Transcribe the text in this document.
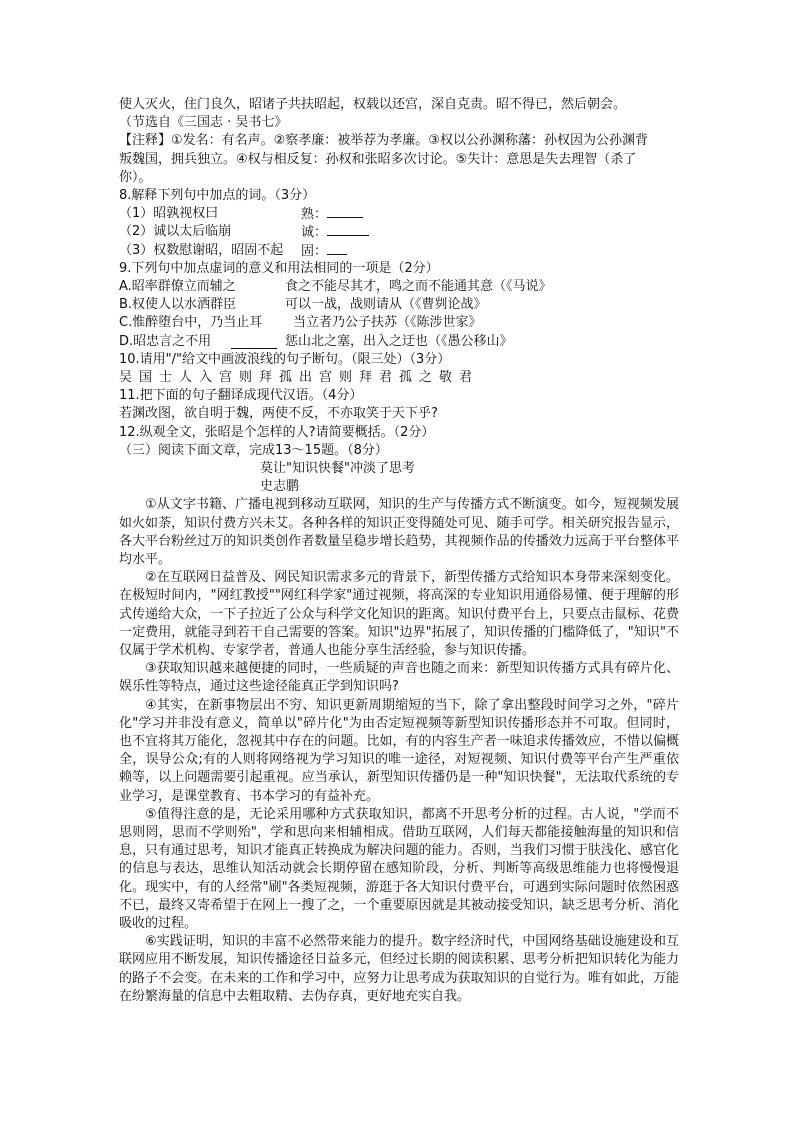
使人灭火，住门良久，昭诸子共扶昭起，权载以还宫，深自克责。昭不得已，然后朝会。
（节选自《三国志 · 吴书七》
【注释】①发名：有名声。②察孝廉：被举荐为孝廉。③权以公孙渊称藩：孙权因为公孙渊背
叛魏国，拥兵独立。④权与相反复：孙权和张昭多次讨论。⑤失计：意思是失去理智（杀了
你）。
8.解释下列句中加点的词。（3分）
（1）昭孰视权曰	熟：
（2）诚以太后临崩	诚：
（3）权数慰谢昭，昭固不起 固：
9.下列句中加点虚词的意义和用法相同的一项是（2分）
A.昭率群僚立而辅之	食之不能尽其才，鸣之而不能通其意（《马说》
B.权使人以水洒群臣	可以一战，战则请从（《曹刿论战》
C.惟醉堕台中，乃当止耳 当立者乃公子扶苏（《陈涉世家》
D.昭忠言之不用	惩山北之塞，出入之迂也（《愚公移山》
10.请用"/"给文中画波浪线的句子断句。（限三处）（3分）
吴国士人入宫则拜孤出宫则拜君孤之敬君
11.把下面的句子翻译成现代汉语。（4分）
若渊改图，欲自明于魏，两使不反，不亦取笑于天下乎?
12.纵观全文，张昭是个怎样的人?请简要概括。（2分）
（三）阅读下面文章，完成13～15题。（8分）
莫让"知识快餐"冲淡了思考
史志鹏
①从文字书籍、广播电视到移动互联网，知识的生产与传播方式不断演变。如今，短视频发展如火如荼，知识付费方兴未艾。各种各样的知识正变得随处可见、随手可学。相关研究报告显示，各大平台粉丝过万的知识类创作者数量呈稳步增长趋势，其视频作品的传播效力远高于平台整体平均水平。
②在互联网日益普及、网民知识需求多元的背景下，新型传播方式给知识本身带来深刻变化。在极短时间内，"网红教授""网红科学家"通过视频，将高深的专业知识用通俗易懂、便于理解的形式传递给大众，一下子拉近了公众与科学文化知识的距离。知识付费平台上，只要点击鼠标、花费一定费用，就能寻到若干自己需要的答案。知识"边界"拓展了，知识传播的门槛降低了，"知识"不仅属于学术机构、专家学者，普通人也能分享生活经验，参与知识传播。
③获取知识越来越便捷的同时，一些质疑的声音也随之而来：新型知识传播方式具有碎片化、娱乐性等特点，通过这些途径能真正学到知识吗?
④其实，在新事物层出不穷、知识更新周期缩短的当下，除了拿出整段时间学习之外，"碎片化"学习并非没有意义，简单以"碎片化"为由否定短视频等新型知识传播形态并不可取。但同时，也不宜将其万能化，忽视其中存在的问题。比如，有的内容生产者一味追求传播效应，不惜以偏概全，误导公众;有的人则将网络视为学习知识的唯一途径，对短视频、知识付费等平台产生严重依赖等，以上问题需要引起重视。应当承认，新型知识传播仍是一种"知识快餐"，无法取代系统的专业学习，是课堂教育、书本学习的有益补充。
⑤值得注意的是，无论采用哪种方式获取知识，都离不开思考分析的过程。古人说，"学而不思则罔，思而不学则殆"，学和思向来相辅相成。借助互联网，人们每天都能接触海量的知识和信息，只有通过思考，知识才能真正转换成为解决问题的能力。否则，当我们习惯于肤浅化、感官化的信息与表达，思维认知活动就会长期停留在感知阶段，分析、判断等高级思维能力也将慢慢退化。现实中，有的人经常"刷"各类短视频，游逛于各大知识付费平台，可遇到实际问题时依然困惑不已，最终又寄希望于在网上一搜了之，一个重要原因就是其被动接受知识，缺乏思考分析、消化吸收的过程。
⑥实践证明，知识的丰富不必然带来能力的提升。数字经济时代，中国网络基础设施建设和互联网应用不断发展，知识传播途径日益多元，但经过长期的阅读积累、思考分析把知识转化为能力的路子不会变。在未来的工作和学习中，应努力让思考成为获取知识的自觉行为。唯有如此，万能在纷繁海量的信息中去粗取精、去伪存真，更好地充实自我。
